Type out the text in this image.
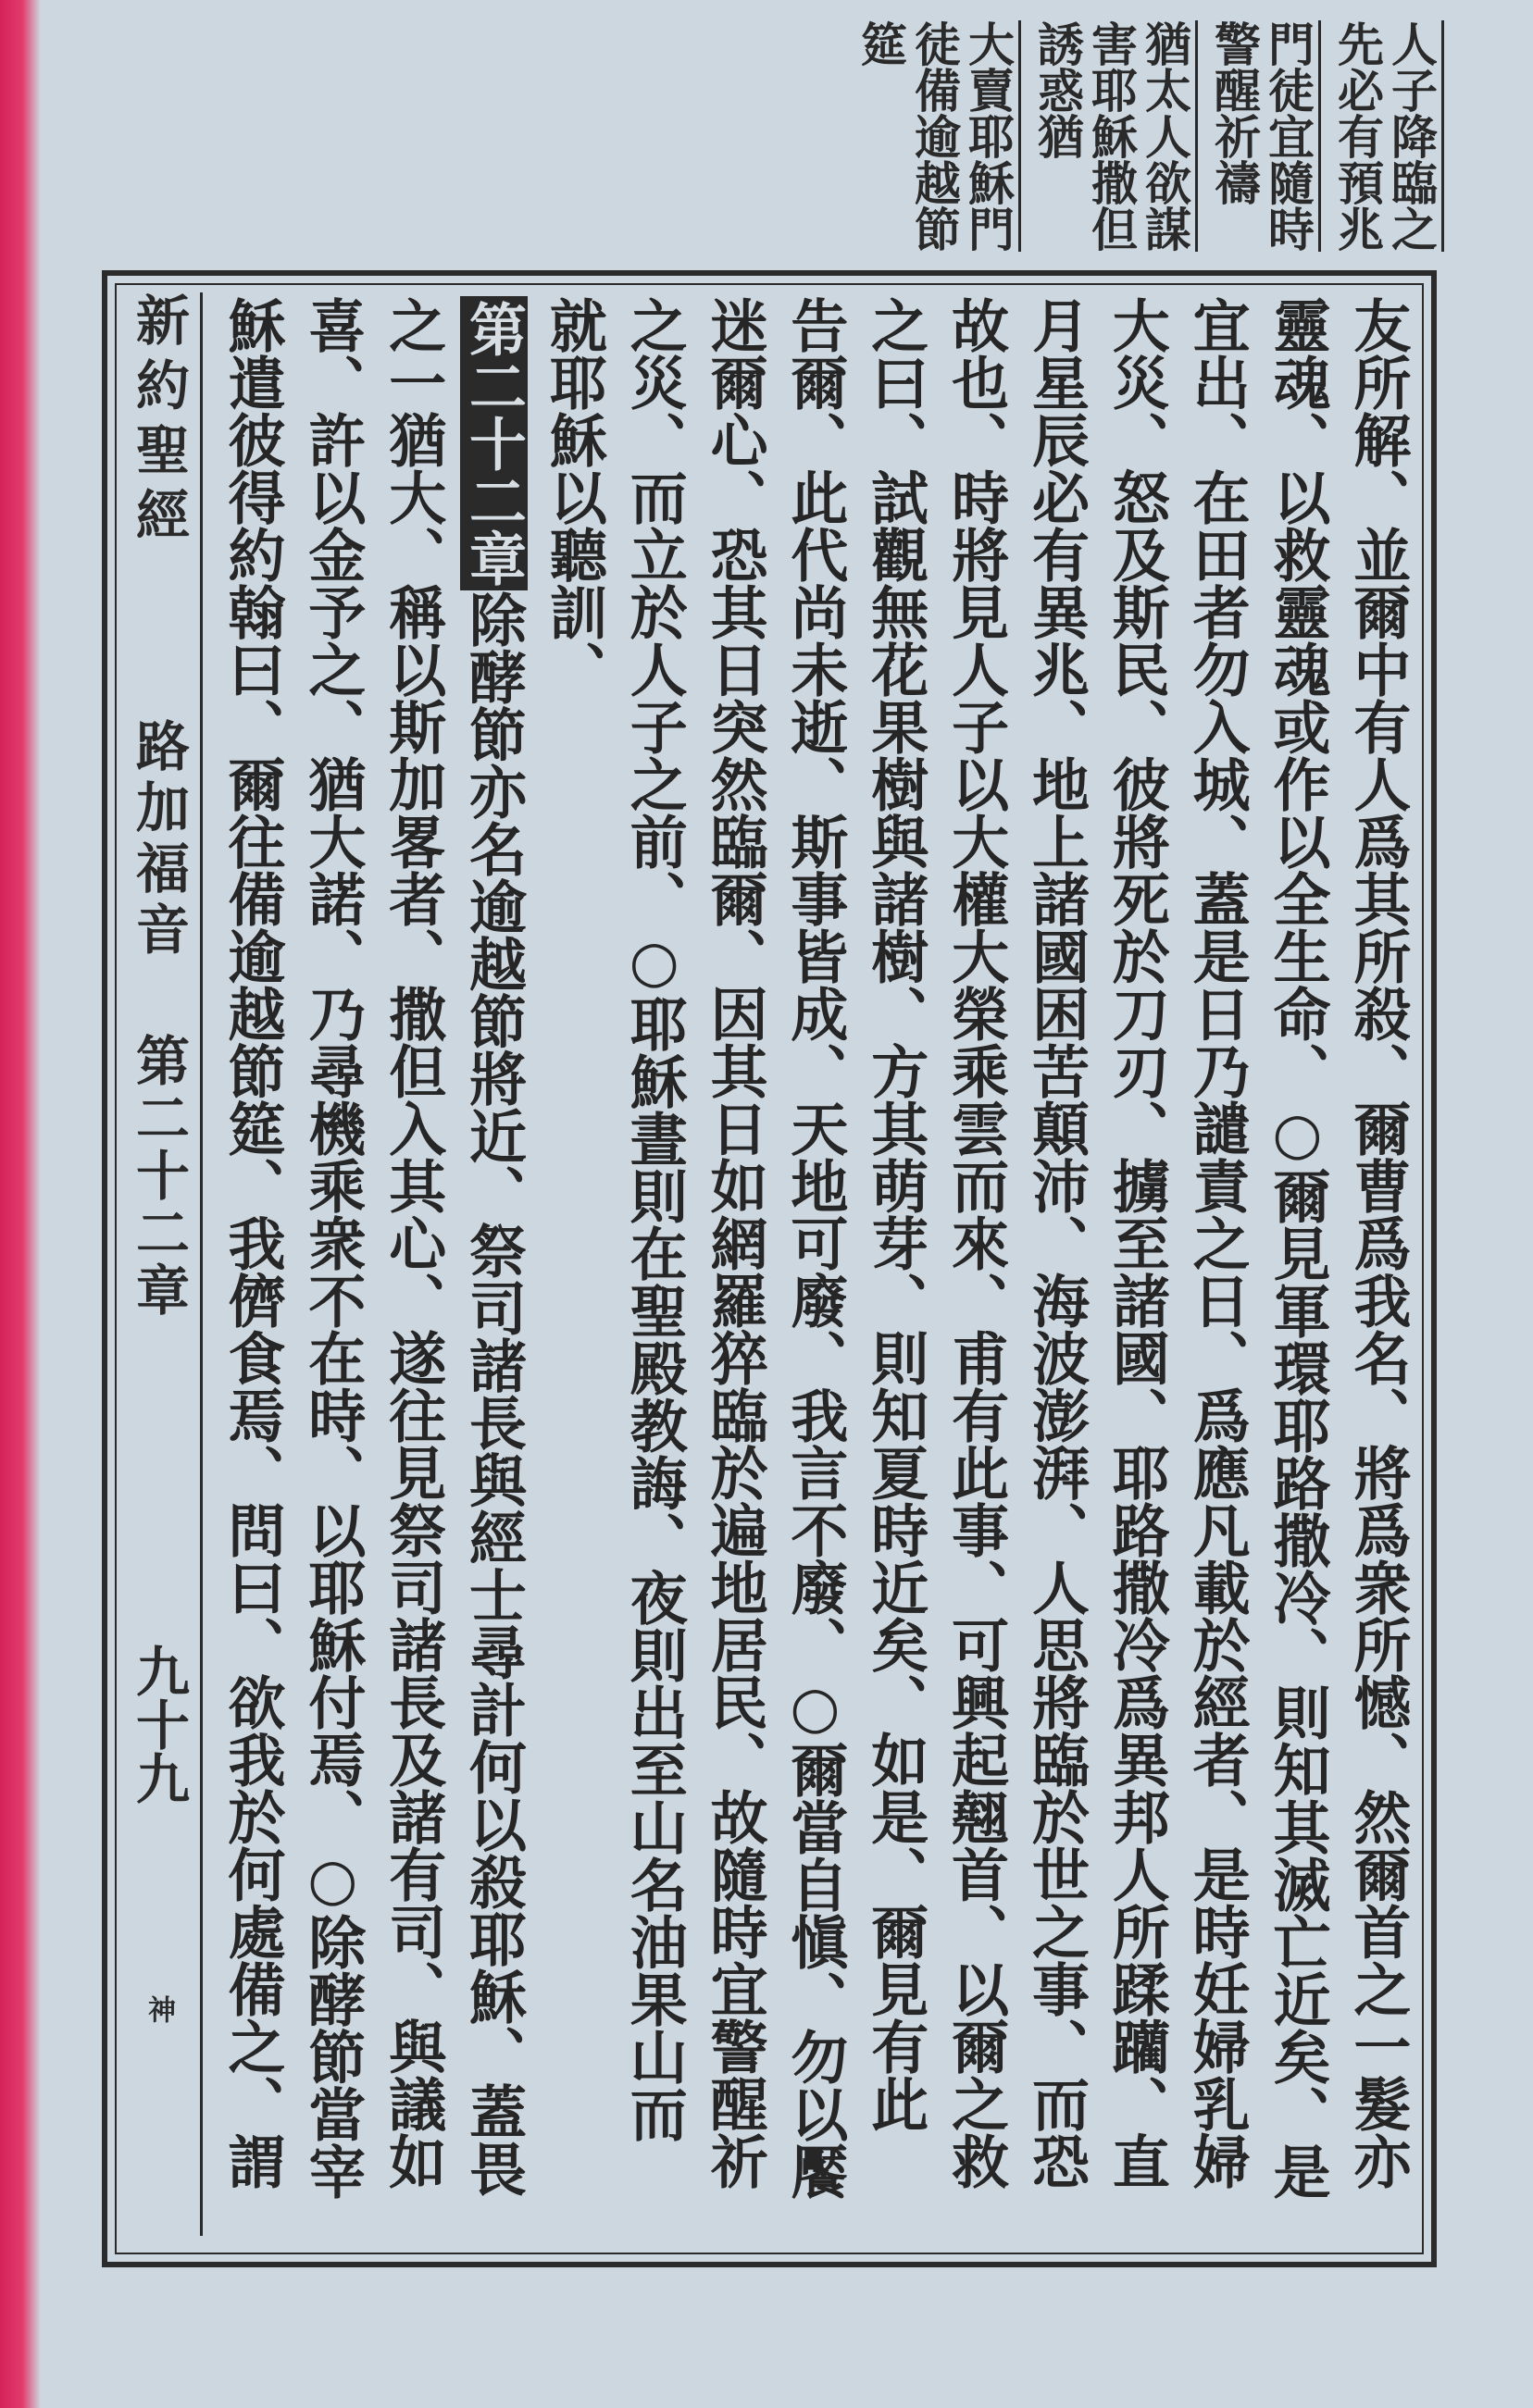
人子降臨之先必有預兆
門徒宜隨時警醒祈禱
猶太人欲謀害耶穌撒但誘惑猶
大賣耶穌門徒備逾越節筵
新約聖經
路加福音
第二十二章
九十九
神
友所解、並爾中有人爲其所殺、爾曹爲我名、將爲衆所憾、然爾首之一髮亦
靈魂、以救靈魂或作以全生命、○爾見軍環耶路撒冷、則知其滅亡近矣、是
宜出、在田者勿入城、蓋是日乃譴責之日、爲應凡載於經者、是時妊婦乳婦
大災、怒及斯民、彼將死於刀刃、擄至諸國、耶路撒冷爲異邦人所蹂躪、直
月星辰必有異兆、地上諸國困苦顛沛、海波澎湃、人思將臨於世之事、而恐
故也、時將見人子以大權大榮乘雲而來、甫有此事、可興起翹首、以爾之救
之曰、試觀無花果樹與諸樹、方其萌芽、則知夏時近矣、如是、爾見有此
告爾、此代尚未逝、斯事皆成、天地可廢、我言不廢、○爾當自愼、勿以饜
迷爾心、恐其日突然臨爾、因其日如網羅猝臨於遍地居民、故隨時宜警醒祈
之災、而立於人子之前、○耶穌晝則在聖殿教誨、夜則出至山名油果山而
就耶穌以聽訓、
第二十二章除酵節亦名逾越節將近、祭司諸長與經士尋計何以殺耶穌、蓋畏
之一猶大、稱以斯加畧者、撒但入其心、遂往見祭司諸長及諸有司、與議如
喜、許以金予之、猶大諾、乃尋機乘衆不在時、以耶穌付焉、○除酵節當宰
穌遣彼得約翰曰、爾往備逾越節筵、我儕食焉、問曰、欲我於何處備之、謂
